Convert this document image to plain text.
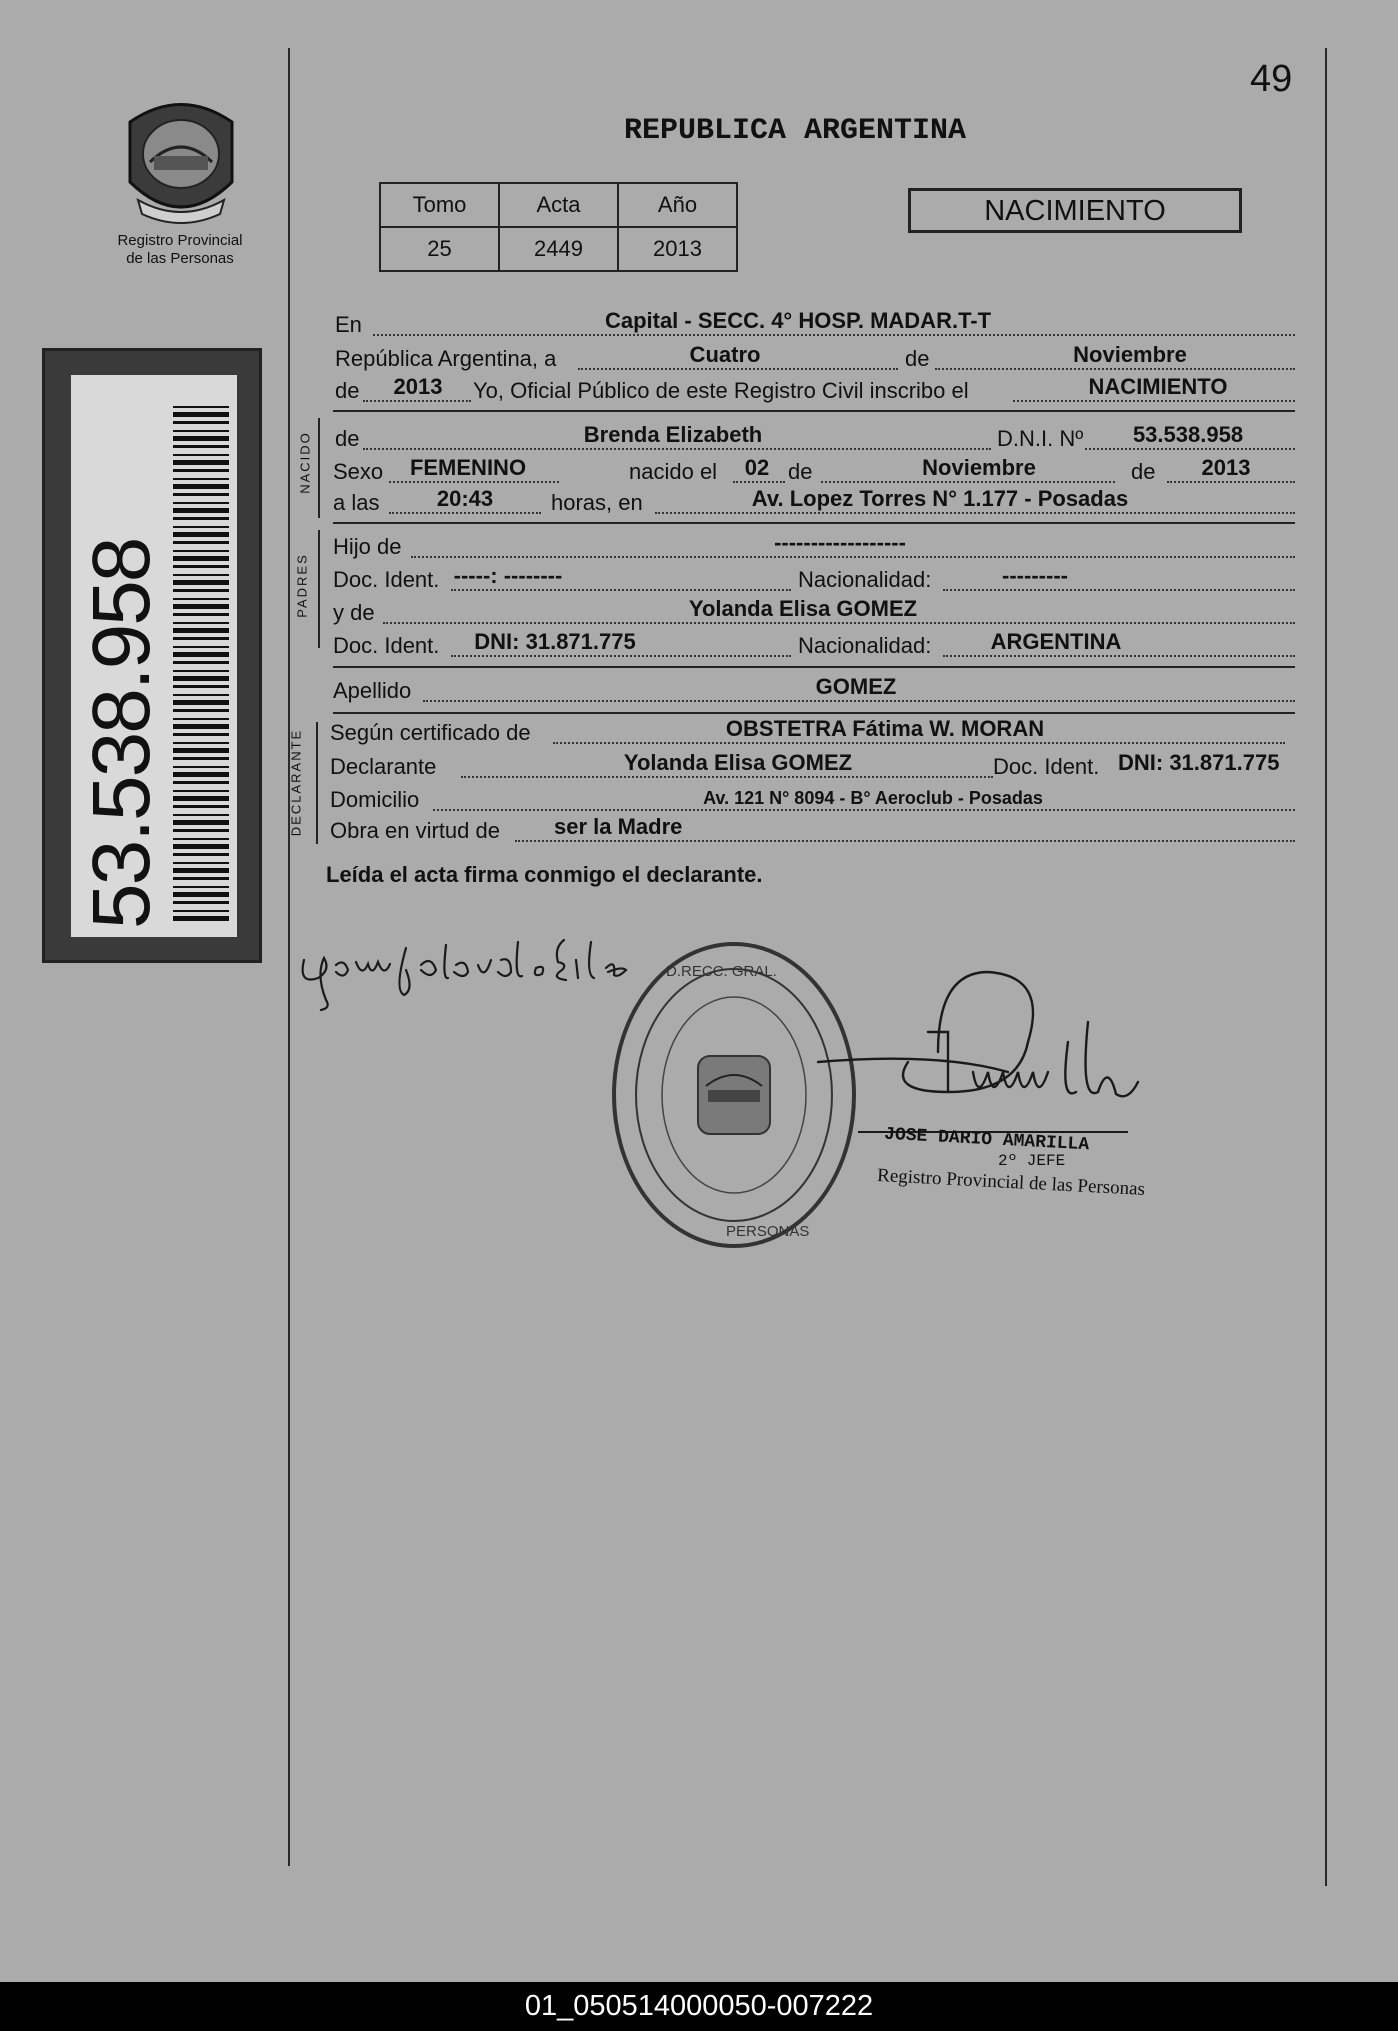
49
Registro Provincial
de las Personas
53.538.958
REPUBLICA ARGENTINA
Tomo	Acta	Año
25	2449	2013
NACIMIENTO
En	Capital - SECC. 4° HOSP. MADAR.T-T
República Argentina, a	Cuatro	de	Noviembre
de 2013 Yo, Oficial Público de este Registro Civil inscribo el	NACIMIENTO
NACIDO de	Brenda Elizabeth	D.N.I. Nº 53.538.958
Sexo FEMENINO	nacido el 02 de	Noviembre	de 2013
a las	20:43	horas, en	Av. Lopez Torres N° 1.177 - Posadas
PADRES
Hijo de	------------------
Doc. Ident. -----: --------	Nacionalidad:	---------
y de	Yolanda Elisa GOMEZ
Doc. Ident. DNI: 31.871.775	Nacionalidad:	ARGENTINA
Apellido	GOMEZ
DECLARANTE Según certificado de	OBSTETRA Fátima W. MORAN
Declarante	Yolanda Elisa GOMEZ	Doc. Ident. DNI: 31.871.775
Domicilio	Av. 121 N° 8094 - B° Aeroclub - Posadas
Obra en virtud de ser la Madre
Leída el acta firma conmigo el declarante.
D.RECC. GRAL.
PERSONAS
JOSE DARIO AMARILLA
2º JEFE
Registro Provincial de las Personas
01_050514000050-007222
